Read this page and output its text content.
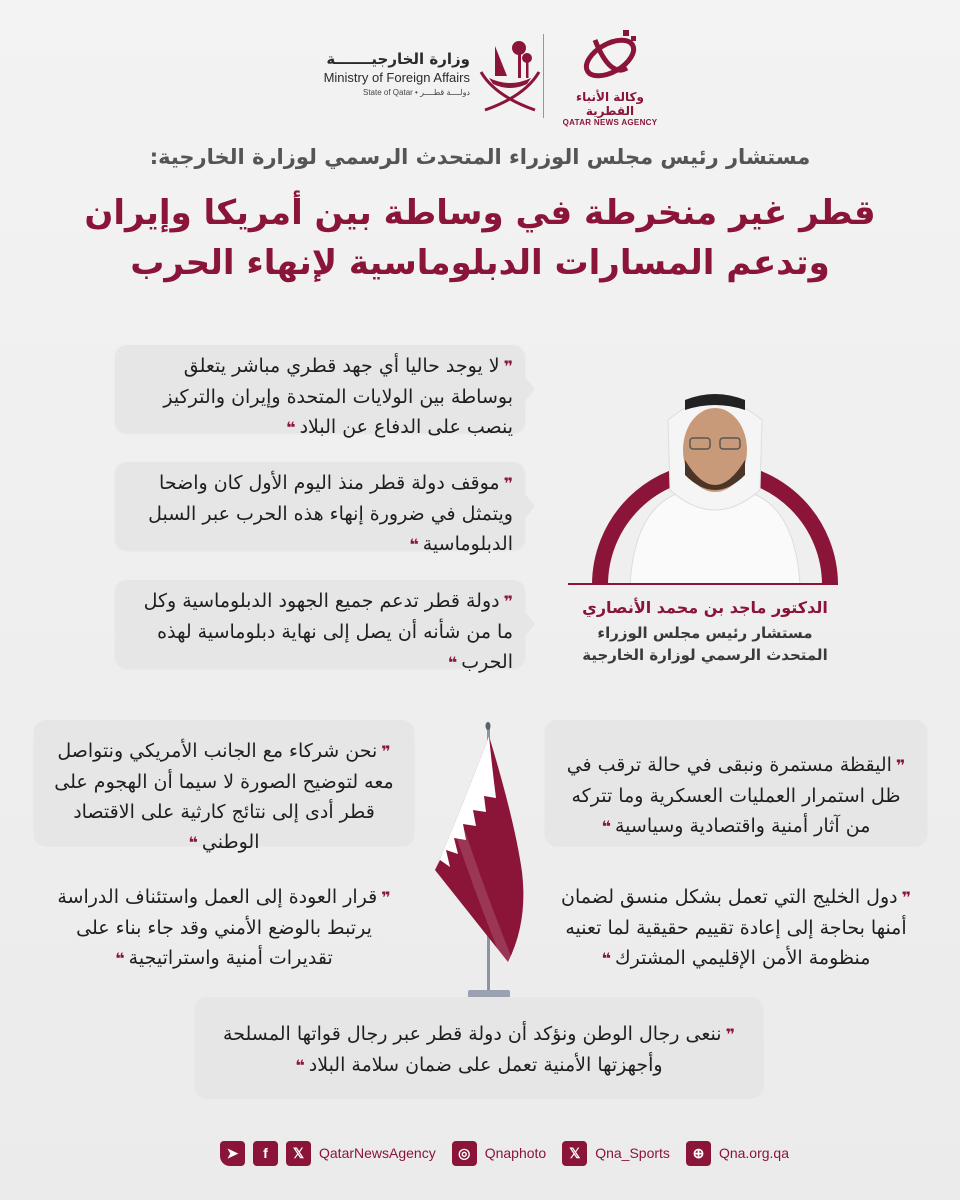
وزارة الخارجيـــــــة
Ministry of Foreign Affairs
State of Qatar • دولــــة قطــــر	وكالة الأنباء القطرية
QATAR NEWS AGENCY
مستشار رئيس مجلس الوزراء المتحدث الرسمي لوزارة الخارجية:
قطر غير منخرطة في وساطة بين أمريكا وإيران
وتدعم المسارات الدبلوماسية لإنهاء الحرب
❞لا يوجد حاليا أي جهد قطري مباشر يتعلق بوساطة بين الولايات المتحدة وإيران والتركيز ينصب على الدفاع عن البلاد❝
❞موقف دولة قطر منذ اليوم الأول كان واضحا ويتمثل في ضرورة إنهاء هذه الحرب عبر السبل الدبلوماسية❝
❞دولة قطر تدعم جميع الجهود الدبلوماسية وكل ما من شأنه أن يصل إلى نهاية دبلوماسية لهذه الحرب❝
الدكتور ماجد بن محمد الأنصاري
مستشار رئيس مجلس الوزراء
المتحدث الرسمي لوزارة الخارجية
❞نحن شركاء مع الجانب الأمريكي ونتواصل معه لتوضيح الصورة لا سيما أن الهجوم على قطر أدى إلى نتائج كارثية على الاقتصاد الوطني❝
❞اليقظة مستمرة ونبقى في حالة ترقب في ظل استمرار العمليات العسكرية وما تتركه من آثار أمنية واقتصادية وسياسية❝
❞قرار العودة إلى العمل واستئناف الدراسة يرتبط بالوضع الأمني وقد جاء بناء على تقديرات أمنية واستراتيجية❝
❞دول الخليج التي تعمل بشكل منسق لضمان أمنها بحاجة إلى إعادة تقييم حقيقية لما تعنيه منظومة الأمن الإقليمي المشترك❝
❞ننعى رجال الوطن ونؤكد أن دولة قطر عبر رجال قواتها المسلحة وأجهزتها الأمنية تعمل على ضمان سلامة البلاد❝
➤	f	𝕏	QatarNewsAgency	◎	Qnaphoto	𝕏	Qna_Sports	⊕	Qna.org.qa
